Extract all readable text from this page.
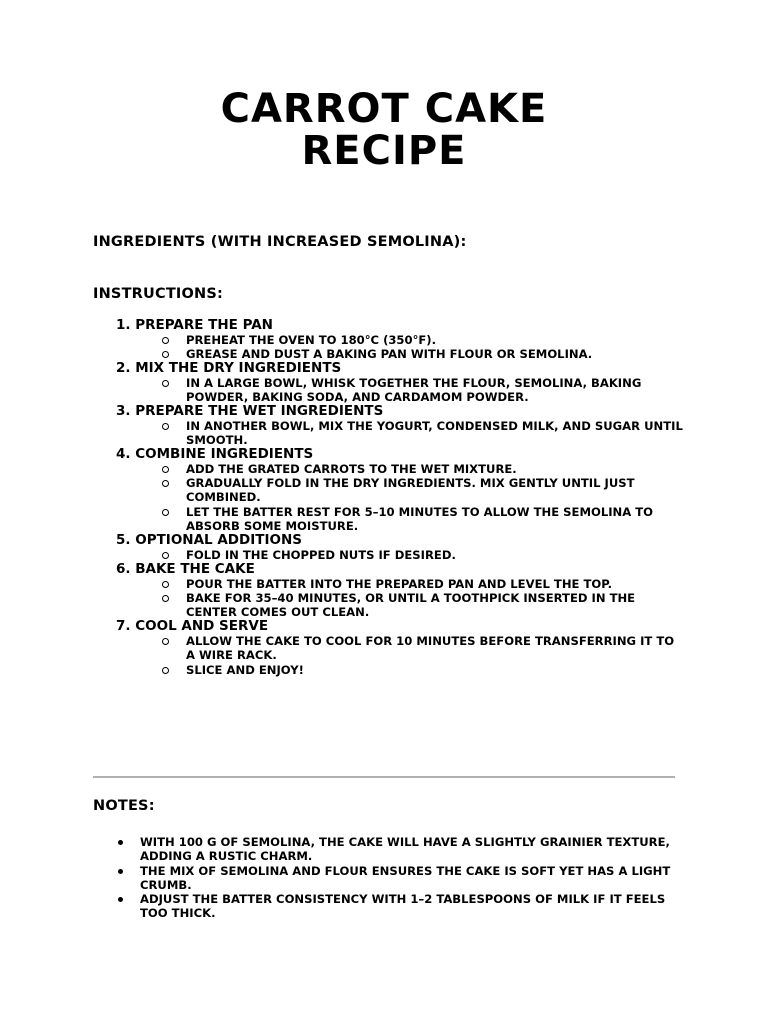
CARROT CAKE
RECIPE
INGREDIENTS (WITH INCREASED SEMOLINA):
INSTRUCTIONS:
1. PREPARE THE PAN
PREHEAT THE OVEN TO 180°C (350°F).
GREASE AND DUST A BAKING PAN WITH FLOUR OR SEMOLINA.
2. MIX THE DRY INGREDIENTS
IN A LARGE BOWL, WHISK TOGETHER THE FLOUR, SEMOLINA, BAKING POWDER, BAKING SODA, AND CARDAMOM POWDER.
3. PREPARE THE WET INGREDIENTS
IN ANOTHER BOWL, MIX THE YOGURT, CONDENSED MILK, AND SUGAR UNTIL SMOOTH.
4. COMBINE INGREDIENTS
ADD THE GRATED CARROTS TO THE WET MIXTURE.
GRADUALLY FOLD IN THE DRY INGREDIENTS. MIX GENTLY UNTIL JUST COMBINED.
LET THE BATTER REST FOR 5–10 MINUTES TO ALLOW THE SEMOLINA TO ABSORB SOME MOISTURE.
5. OPTIONAL ADDITIONS
FOLD IN THE CHOPPED NUTS IF DESIRED.
6. BAKE THE CAKE
POUR THE BATTER INTO THE PREPARED PAN AND LEVEL THE TOP.
BAKE FOR 35–40 MINUTES, OR UNTIL A TOOTHPICK INSERTED IN THE CENTER COMES OUT CLEAN.
7. COOL AND SERVE
ALLOW THE CAKE TO COOL FOR 10 MINUTES BEFORE TRANSFERRING IT TO A WIRE RACK.
SLICE AND ENJOY!
NOTES:
WITH 100 G OF SEMOLINA, THE CAKE WILL HAVE A SLIGHTLY GRAINIER TEXTURE, ADDING A RUSTIC CHARM.
THE MIX OF SEMOLINA AND FLOUR ENSURES THE CAKE IS SOFT YET HAS A LIGHT CRUMB.
ADJUST THE BATTER CONSISTENCY WITH 1–2 TABLESPOONS OF MILK IF IT FEELS TOO THICK.
